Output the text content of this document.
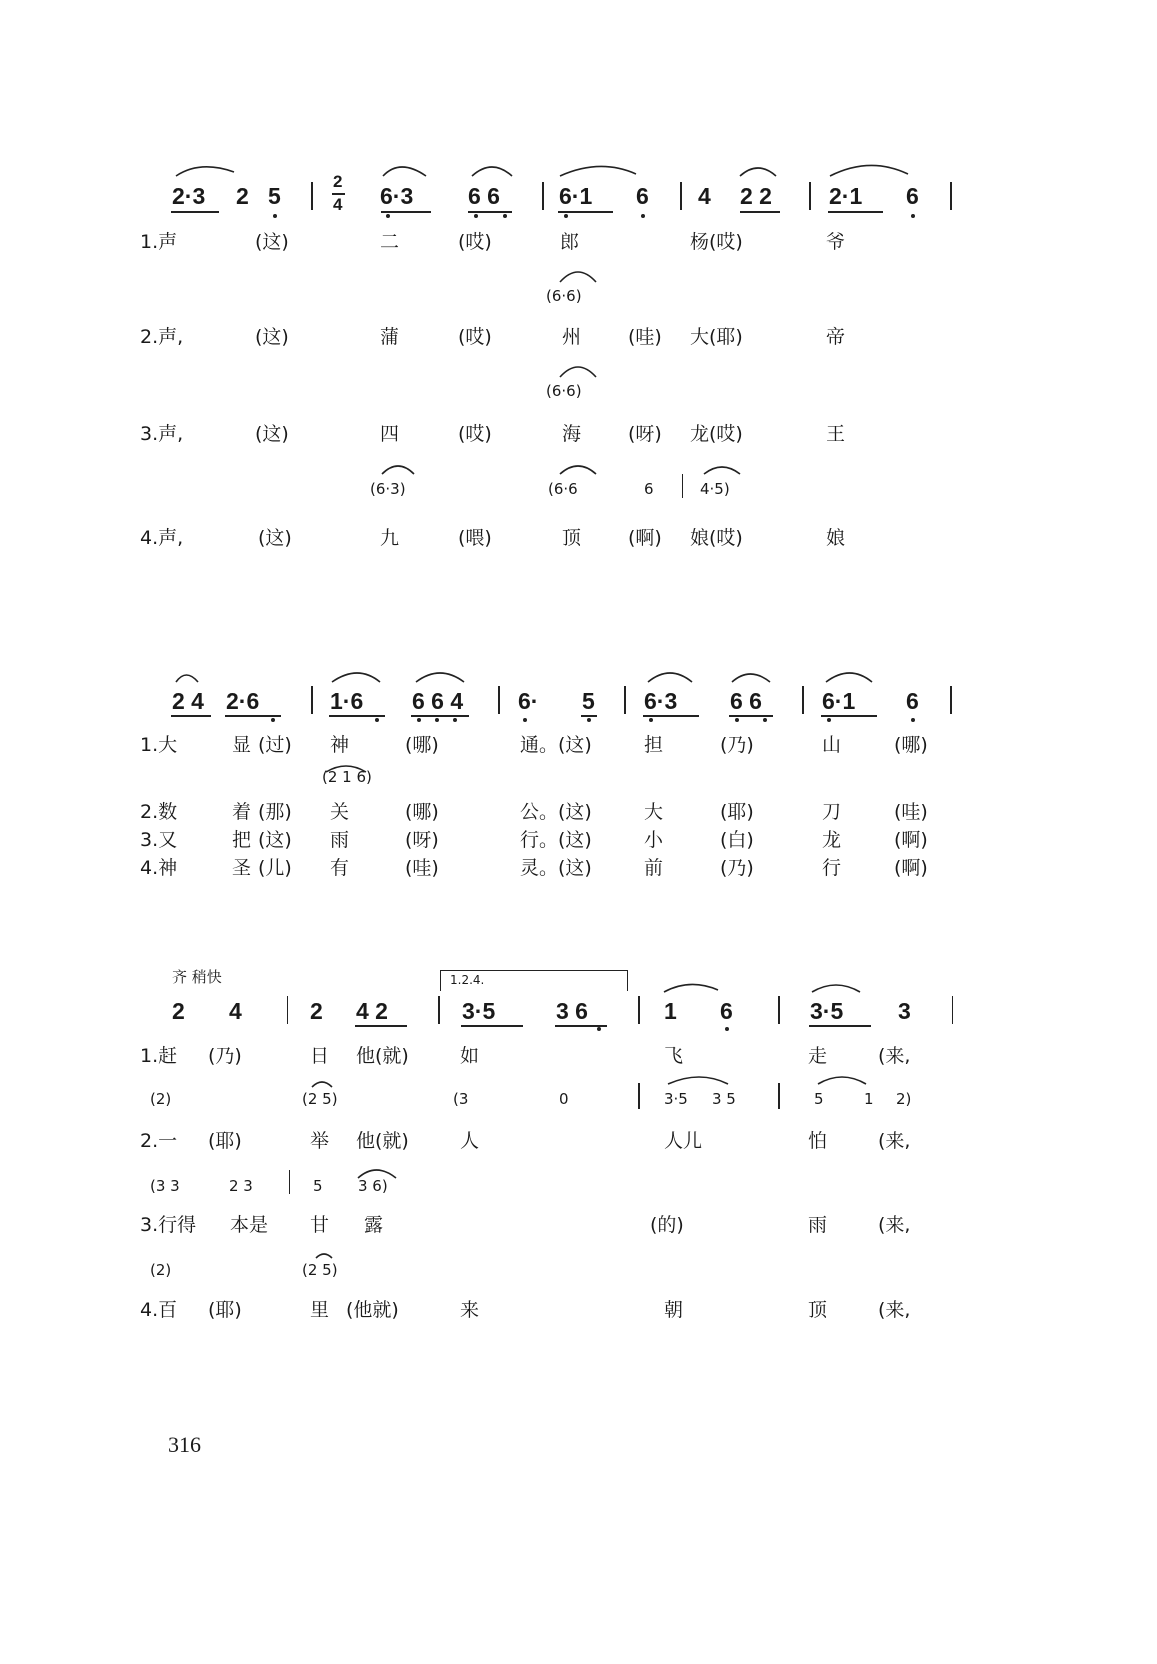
2·3 2 5
2
4 6·3 6 6	6·1 6 4 2 2 2·1 6
1.声	(这)	二	(哎)	郎	杨(哎)	爷
(6·6)
2.声,	(这)	蒲	(哎)	州 (哇) 大(耶)	帝
(6·6)
3.声,	(这)	四	(哎)	海 (呀) 龙(哎)	王
(6·3)	(6·6	6	4·5)
4.声,	(这)	九	(喂)	顶 (啊) 娘(哎)	娘
2 4 2·6	1·6 6 6 4 6· 5 6·3 6 6	6·1 6
1.大	显 (过) 神	(哪)	通。(这)	担	(乃)	山	(哪)
(2 1 6)
2.数	着 (那) 关	(哪)	公。(这)	大	(耶)	刀	(哇)
3.又	把 (这) 雨	(呀)	行。(这)	小	(白)	龙	(啊)
4.神	圣 (儿) 有	(哇)	灵。(这)	前	(乃)	行	(啊)
齐 稍快	1.2.4.
2 4	2 4 2	3·5	3 6	1 6	3·5 3
1.赶 (乃)	日 他(就)	如	飞	走	(来,
(2)	(2 5)	(3	0	3·5 3 5	5	1 2)
2.一 (耶)	举 他(就)	人	人儿	怕	(来,
(3 3	2 3	5 3 6)
3.行得 本是 甘 露	(的)	雨	(来,
(2)	(2 5)
4.百 (耶)	里 (他就)	来	朝	顶	(来,
316
